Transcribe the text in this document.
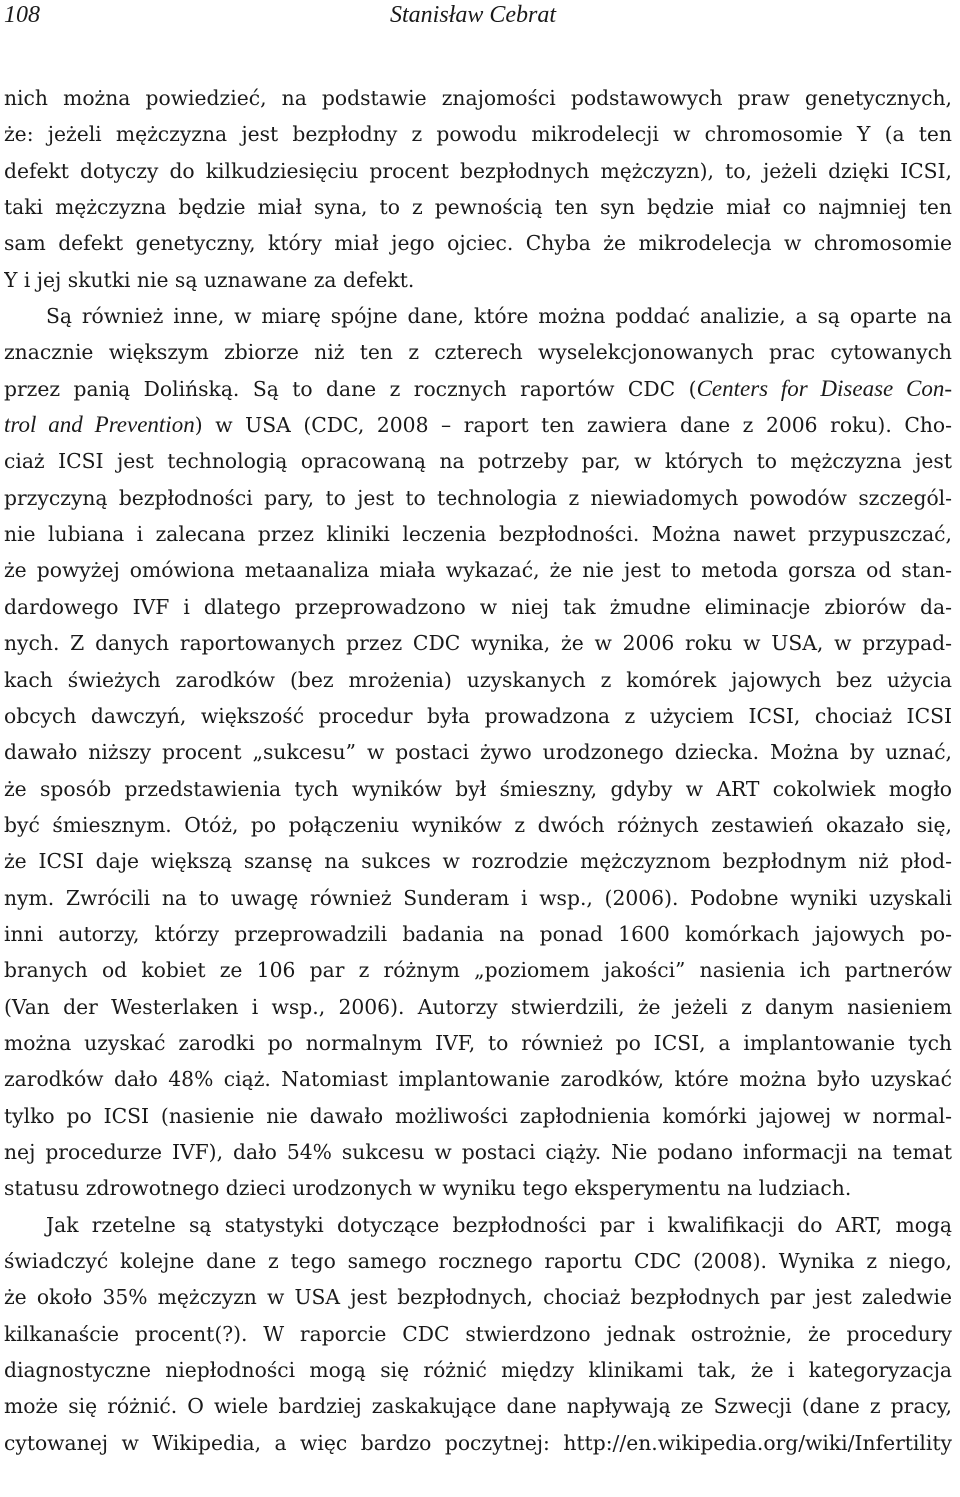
108	Stanisław Cebrat
nich można powiedzieć, na podstawie znajomości podstawowych praw genetycznych,
że: jeżeli mężczyzna jest bezpłodny z powodu mikrodelecji w chromosomie Y (a ten
defekt dotyczy do kilkudziesięciu procent bezpłodnych mężczyzn), to, jeżeli dzięki ICSI,
taki mężczyzna będzie miał syna, to z pewnością ten syn będzie miał co najmniej ten
sam defekt genetyczny, który miał jego ojciec. Chyba że mikrodelecja w chromosomie
Y i jej skutki nie są uznawane za defekt.
Są również inne, w miarę spójne dane, które można poddać analizie, a są oparte na
znacznie większym zbiorze niż ten z czterech wyselekcjonowanych prac cytowanych
przez panią Dolińską. Są to dane z rocznych raportów CDC (Centers for Disease Con-
trol and Prevention) w USA (CDC, 2008 – raport ten zawiera dane z 2006 roku). Cho-
ciaż ICSI jest technologią opracowaną na potrzeby par, w których to mężczyzna jest
przyczyną bezpłodności pary, to jest to technologia z niewiadomych powodów szczegól-
nie lubiana i zalecana przez kliniki leczenia bezpłodności. Można nawet przypuszczać,
że powyżej omówiona metaanaliza miała wykazać, że nie jest to metoda gorsza od stan-
dardowego IVF i dlatego przeprowadzono w niej tak żmudne eliminacje zbiorów da-
nych. Z danych raportowanych przez CDC wynika, że w 2006 roku w USA, w przypad-
kach świeżych zarodków (bez mrożenia) uzyskanych z komórek jajowych bez użycia
obcych dawczyń, większość procedur była prowadzona z użyciem ICSI, chociaż ICSI
dawało niższy procent „sukcesu” w postaci żywo urodzonego dziecka. Można by uznać,
że sposób przedstawienia tych wyników był śmieszny, gdyby w ART cokolwiek mogło
być śmiesznym. Otóż, po połączeniu wyników z dwóch różnych zestawień okazało się,
że ICSI daje większą szansę na sukces w rozrodzie mężczyznom bezpłodnym niż płod-
nym. Zwrócili na to uwagę również Sunderam i wsp., (2006). Podobne wyniki uzyskali
inni autorzy, którzy przeprowadzili badania na ponad 1600 komórkach jajowych po-
branych od kobiet ze 106 par z różnym „poziomem jakości” nasienia ich partnerów
(Van der Westerlaken i wsp., 2006). Autorzy stwierdzili, że jeżeli z danym nasieniem
można uzyskać zarodki po normalnym IVF, to również po ICSI, a implantowanie tych
zarodków dało 48% ciąż. Natomiast implantowanie zarodków, które można było uzyskać
tylko po ICSI (nasienie nie dawało możliwości zapłodnienia komórki jajowej w normal-
nej procedurze IVF), dało 54% sukcesu w postaci ciąży. Nie podano informacji na temat
statusu zdrowotnego dzieci urodzonych w wyniku tego eksperymentu na ludziach.
Jak rzetelne są statystyki dotyczące bezpłodności par i kwalifikacji do ART, mogą
świadczyć kolejne dane z tego samego rocznego raportu CDC (2008). Wynika z niego,
że około 35% mężczyzn w USA jest bezpłodnych, chociaż bezpłodnych par jest zaledwie
kilkanaście procent(?). W raporcie CDC stwierdzono jednak ostrożnie, że procedury
diagnostyczne niepłodności mogą się różnić między klinikami tak, że i kategoryzacja
może się różnić. O wiele bardziej zaskakujące dane napływają ze Szwecji (dane z pracy,
cytowanej w Wikipedia, a więc bardzo poczytnej: http://en.wikipedia.org/wiki/Infertility
